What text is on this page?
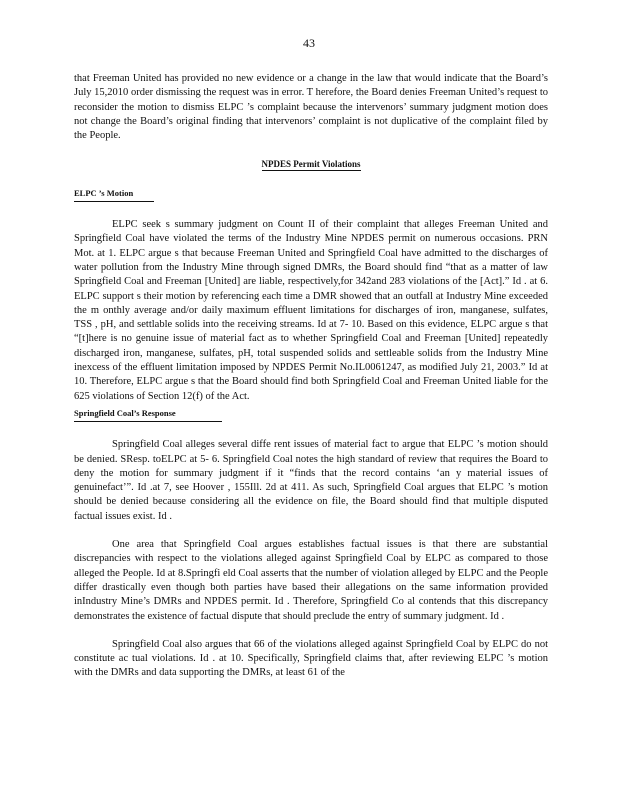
43

that Freeman United has provided no new evidence or a change in the law that would indicate that the Board’s July 15,2010 order dismissing the request was in error. T herefore, the Board denies Freeman United’s request to reconsider the motion to dismiss ELPC ’s complaint because the intervenors’ summary judgment motion does not change the Board’s original finding that intervenors’ complaint is not duplicative of the complaint filed by the People.

NPDES Permit Violations
ELPC ’s Motion

ELPC seek s summary judgment on Count II of their complaint that alleges Freeman United and Springfield Coal have violated the terms of the Industry Mine NPDES permit on numerous occasions. PRN Mot. at 1. ELPC argue s that because Freeman United and Springfield Coal have admitted to the discharges of water pollution from the Industry Mine through signed DMRs, the Board should find “that as a matter of law Springfield Coal and Freeman [United] are liable, respectively,for 342and 283 violations of the [Act].” Id . at 6. ELPC support s their motion by referencing each time a DMR showed that an outfall at Industry Mine exceeded the m onthly average and/or daily maximum effluent limitations for discharges of iron, manganese, sulfates, TSS , pH, and settlable solids into the receiving streams. Id at 7- 10. Based on this evidence, ELPC argue s that “[t]here is no genuine issue of material fact as to whether Springfield Coal and Freeman [United] repeatedly discharged iron, manganese, sulfates, pH, total suspended solids and settleable solids from the Industry Mine inexcess of the effluent limitation imposed by NPDES Permit No.IL0061247, as modified July 21, 2003.” Id at 10. Therefore, ELPC argue s that the Board should find both Springfield Coal and Freeman United liable for the 625 violations of Section 12(f) of the Act.

Springfield Coal’s Response

Springfield Coal alleges several diffe rent issues of material fact to argue that ELPC ’s motion should be denied. SResp. toELPC at 5- 6. Springfield Coal notes the high standard of review that requires the Board to deny the motion for summary judgment if it “finds that the record contains ‘an y material issues of genuinefact’”. Id .at 7, see Hoover , 155Ill. 2d at 411. As such, Springfield Coal argues that ELPC ’s motion should be denied because considering all the evidence on file, the Board should find that multiple disputed factual issues exist. Id .

One area that Springfield Coal argues establishes factual issues is that there are substantial discrepancies with respect to the violations alleged against Springfield Coal by ELPC as compared to those alleged the People. Id at 8.Springfi eld Coal asserts that the number of violation alleged by ELPC and the People differ drastically even though both parties have based their allegations on the same information provided inIndustry Mine’s DMRs and NPDES permit. Id . Therefore, Springfield Co al contends that this discrepancy demonstrates the existence of factual dispute that should preclude the entry of summary judgment. Id .

Springfield Coal also argues that 66 of the violations alleged against Springfield Coal by ELPC do not constitute ac tual violations. Id . at 10. Specifically, Springfield claims that, after reviewing ELPC ’s motion with the DMRs and data supporting the DMRs, at least 61 of the
